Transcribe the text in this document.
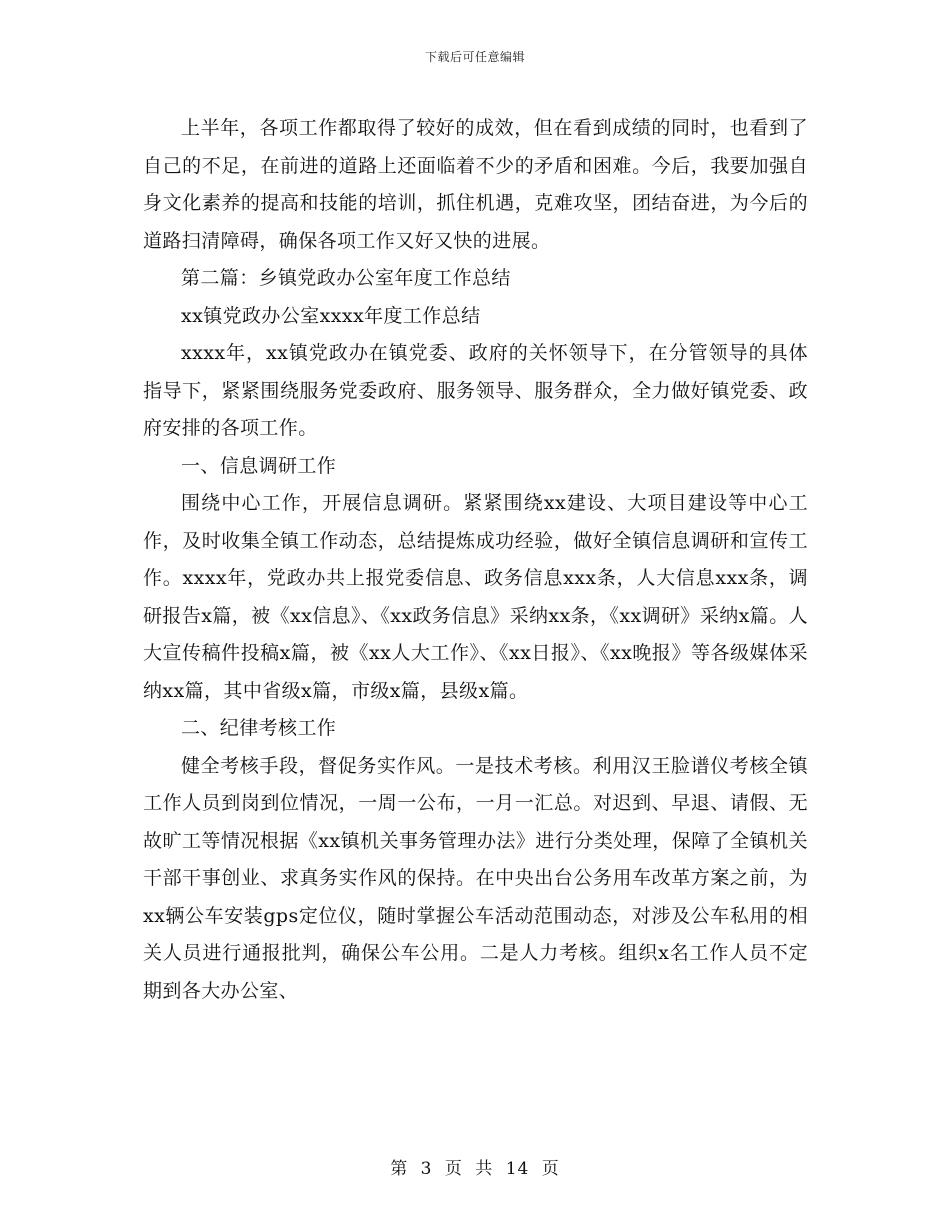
下载后可任意编辑

上半年，各项工作都取得了较好的成效，但在看到成绩的同时，也看到了自己的不足，在前进的道路上还面临着不少的矛盾和困难。今后，我要加强自身文化素养的提高和技能的培训，抓住机遇，克难攻坚，团结奋进，为今后的道路扫清障碍，确保各项工作又好又快的进展。

第二篇：乡镇党政办公室年度工作总结

xx镇党政办公室xxxx年度工作总结

xxxx年，xx镇党政办在镇党委、政府的关怀领导下，在分管领导的具体指导下，紧紧围绕服务党委政府、服务领导、服务群众，全力做好镇党委、政府安排的各项工作。

一、信息调研工作

围绕中心工作，开展信息调研。紧紧围绕xx建设、大项目建设等中心工作，及时收集全镇工作动态，总结提炼成功经验，做好全镇信息调研和宣传工作。xxxx年，党政办共上报党委信息、政务信息xxx条，人大信息xxx条，调研报告x篇，被《xx信息》、《xx政务信息》采纳xx条，《xx调研》采纳x篇。人大宣传稿件投稿x篇，被《xx人大工作》、《xx日报》、《xx晚报》等各级媒体采纳xx篇，其中省级x篇，市级x篇，县级x篇。

二、纪律考核工作

健全考核手段，督促务实作风。一是技术考核。利用汉王脸谱仪考核全镇工作人员到岗到位情况，一周一公布，一月一汇总。对迟到、早退、请假、无故旷工等情况根据《xx镇机关事务管理办法》进行分类处理，保障了全镇机关干部干事创业、求真务实作风的保持。在中央出台公务用车改革方案之前，为xx辆公车安装gps定位仪，随时掌握公车活动范围动态，对涉及公车私用的相关人员进行通报批判，确保公车公用。二是人力考核。组织x名工作人员不定期到各大办公室、

第 3 页 共 14 页
